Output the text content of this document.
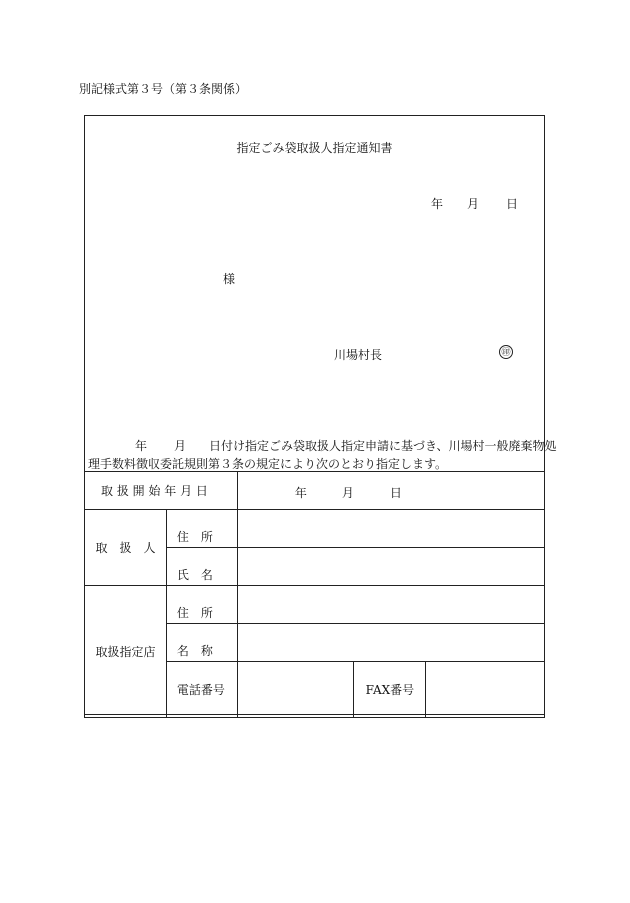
別記様式第３号（第３条関係）
指定ごみ袋取扱人指定通知書
年 月 日
様
川場村長	㊞
年 月 日付け指定ごみ袋取扱人指定申請に基づき、川場村一般廃棄物処
理手数料徴収委託規則第３条の規定により次のとおり指定します。
取 扱 開 始 年 月 日		年 月 日		

取　扱　人	住　所			
	氏　名			
取扱指定店	住　所			
	名　称			
	電話番号		FAX番号	
